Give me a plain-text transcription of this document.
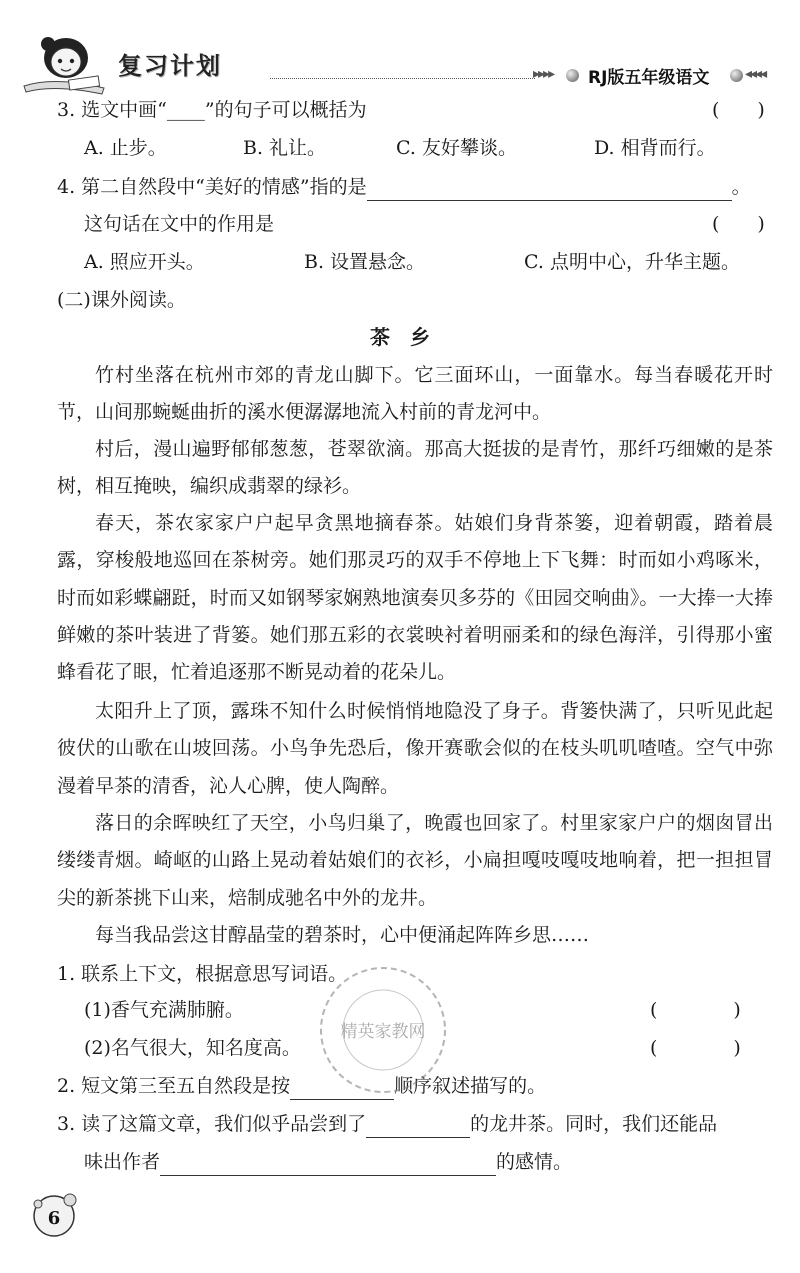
复习计划	▸▸▸▸ RJ版五年级语文	◂◂◂◂
3. 选文中画“____”的句子可以概括为	(　　)
A. 止步。	B. 礼让。	C. 友好攀谈。	D. 相背而行。
4. 第二自然段中“美好的情感”指的是	。
这句话在文中的作用是	(　　)
A. 照应开头。	B. 设置悬念。	C. 点明中心，升华主题。
(二)课外阅读。
茶　乡
竹村坐落在杭州市郊的青龙山脚下。它三面环山，一面靠水。每当春暖花开时节，山间那蜿蜒曲折的溪水便潺潺地流入村前的青龙河中。
村后，漫山遍野郁郁葱葱，苍翠欲滴。那高大挺拔的是青竹，那纤巧细嫩的是茶树，相互掩映，编织成翡翠的绿衫。
春天，茶农家家户户起早贪黑地摘春茶。姑娘们身背茶篓，迎着朝霞，踏着晨露，穿梭般地巡回在茶树旁。她们那灵巧的双手不停地上下飞舞：时而如小鸡啄米，时而如彩蝶翩跹，时而又如钢琴家娴熟地演奏贝多芬的《田园交响曲》。一大捧一大捧鲜嫩的茶叶装进了背篓。她们那五彩的衣裳映衬着明丽柔和的绿色海洋，引得那小蜜蜂看花了眼，忙着追逐那不断晃动着的花朵儿。
太阳升上了顶，露珠不知什么时候悄悄地隐没了身子。背篓快满了，只听见此起彼伏的山歌在山坡回荡。小鸟争先恐后，像开赛歌会似的在枝头叽叽喳喳。空气中弥漫着早茶的清香，沁人心脾，使人陶醉。
落日的余晖映红了天空，小鸟归巢了，晚霞也回家了。村里家家户户的烟囱冒出缕缕青烟。崎岖的山路上晃动着姑娘们的衣衫，小扁担嘎吱嘎吱地响着，把一担担冒尖的新茶挑下山来，焙制成驰名中外的龙井。
每当我品尝这甘醇晶莹的碧茶时，心中便涌起阵阵乡思……
1. 联系上下文，根据意思写词语。
(1)香气充满肺腑。	(　　　　)
(2)名气很大，知名度高。	(　　　　)
2. 短文第三至五自然段是按	顺序叙述描写的。
3. 读了这篇文章，我们似乎品尝到了	的龙井茶。同时，我们还能品
味出作者	的感情。
精英家教网
6
